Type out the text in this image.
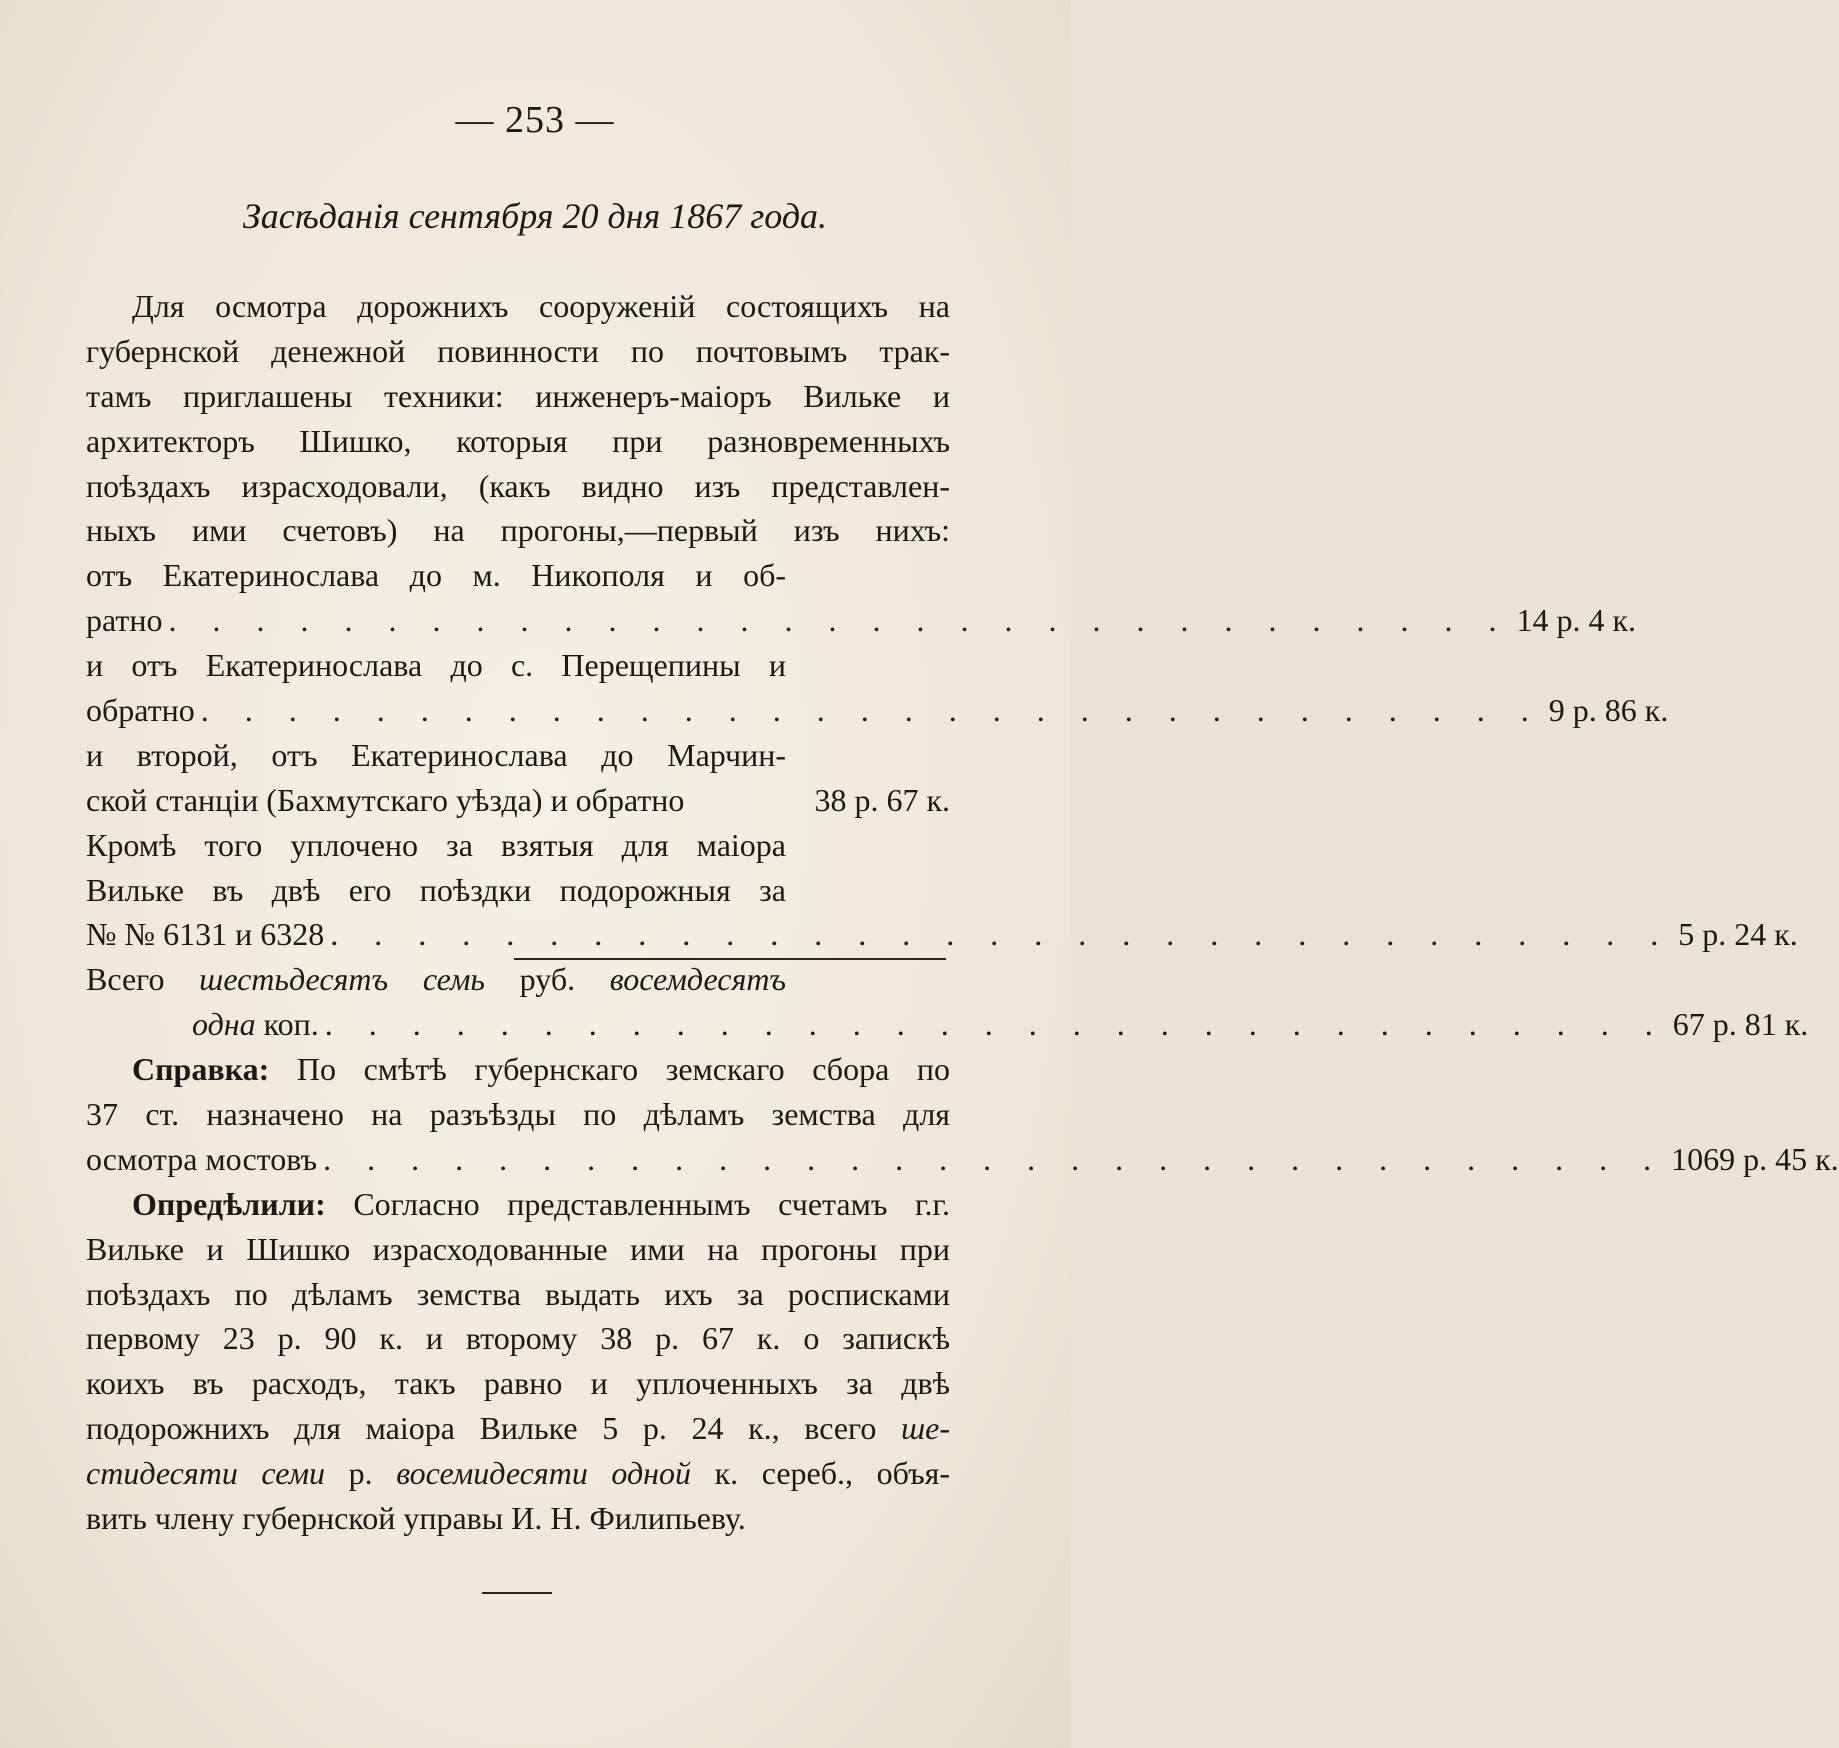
— 253 —
Засѣданія сентября 20 дня 1867 года.
Для осмотра дорожнихъ сооруженій состоящихъ на
губернской денежной повинности по почтовымъ трак-
тамъ приглашены техники: инженеръ-маіоръ Вильке и
архитекторъ Шишко, которыя при разновременныхъ
поѣздахъ израсходовали, (какъ видно изъ представлен-
ныхъ ими счетовъ) на прогоны,—первый изъ нихъ:
отъ Екатеринослава до м. Никополя и об-
ратно . . . . . . . . . . . . . . . . . . . . . . . . . . . . . . . 14 р. 4 к.
и отъ Екатеринослава до с. Перещепины и
обратно . . . . . . . . . . . . . . . . . . . . . . . . . . . . . . . 9 р. 86 к.
и второй, отъ Екатеринослава до Марчин-
ской станціи (Бахмутскаго уѣзда) и обратно	38 р. 67 к.
Кромѣ того уплочено за взятыя для маіора
Вильке въ двѣ его поѣздки подорожныя за
№ № 6131 и 6328 . . . . . . . . . . . . . . . . . . . . . . . . . . . . . . . 5 р. 24 к.
Всего шестьдесятъ семь руб. восемдесятъ
одна коп. . . . . . . . . . . . . . . . . . . . . . . . . . . . . . . . 67 р. 81 к.
Справка: По смѣтѣ губернскаго земскаго сбора по
37 ст. назначено на разъѣзды по дѣламъ земства для
осмотра мостовъ . . . . . . . . . . . . . . . . . . . . . . . . . . . . . . . 1069 р. 45 к.
Опредѣлили: Согласно представленнымъ счетамъ г.г.
Вильке и Шишко израсходованные ими на прогоны при
поѣздахъ по дѣламъ земства выдать ихъ за росписками
первому 23 р. 90 к. и второму 38 р. 67 к. о запискѣ
коихъ въ расходъ, такъ равно и уплоченныхъ за двѣ
подорожнихъ для маіора Вильке 5 р. 24 к., всего ше-
стидесяти семи р. восемидесяти одной к. сереб., объя-
вить члену губернской управы И. Н. Филипьеву.
